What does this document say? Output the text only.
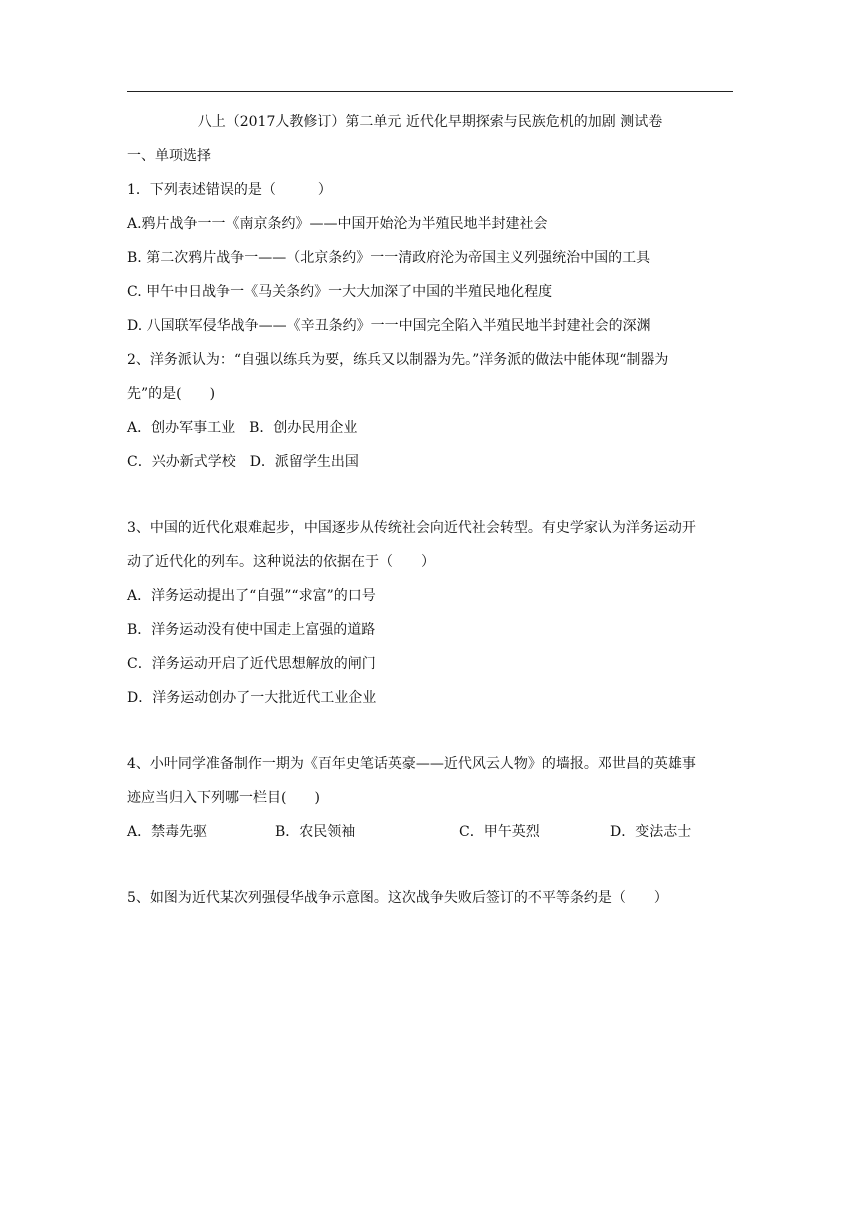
八上（2017人教修订）第二单元 近代化早期探索与民族危机的加剧 测试卷
一、单项选择
1．下列表述错误的是（　　　）
A.鸦片战争一一《南京条约》——中国开始沦为半殖民地半封建社会
B. 第二次鸦片战争一——（北京条约》一一清政府沦为帝国主义列强统治中国的工具
C. 甲午中日战争一《马关条约》一大大加深了中国的半殖民地化程度
D. 八国联军侵华战争——《辛丑条约》一一中国完全陷入半殖民地半封建社会的深渊
2、洋务派认为：“自强以练兵为要，练兵又以制器为先。”洋务派的做法中能体现“制器为
先”的是(　　)
A．创办军事工业　B．创办民用企业
C．兴办新式学校　D．派留学生出国
3、中国的近代化艰难起步，中国逐步从传统社会向近代社会转型。有史学家认为洋务运动开
动了近代化的列车。这种说法的依据在于（　　）
A．洋务运动提出了“自强”“求富”的口号
B．洋务运动没有使中国走上富强的道路
C．洋务运动开启了近代思想解放的闸门
D．洋务运动创办了一大批近代工业企业
4、小叶同学准备制作一期为《百年史笔话英豪——近代风云人物》的墙报。邓世昌的英雄事
迹应当归入下列哪一栏目(　　)
A．禁毒先驱	B．农民领袖	C．甲午英烈	D．变法志士
5、如图为近代某次列强侵华战争示意图。这次战争失败后签订的不平等条约是（　　）
